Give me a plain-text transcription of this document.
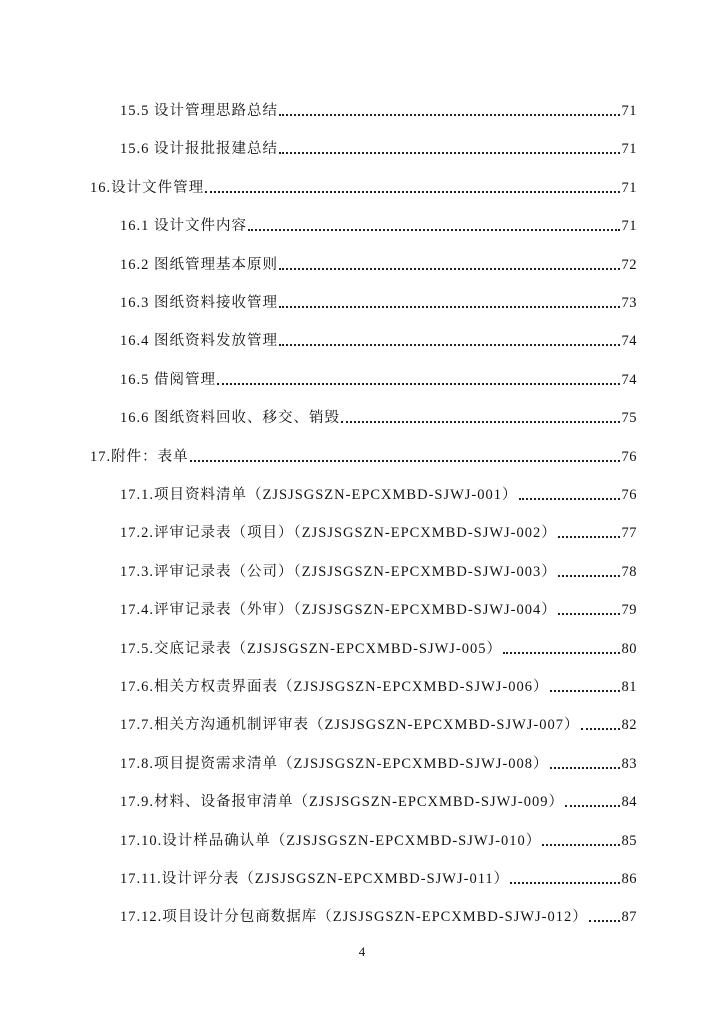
15.5 设计管理思路总结	71
15.6 设计报批报建总结	71
16.设计文件管理	71
16.1 设计文件内容	71
16.2 图纸管理基本原则	72
16.3 图纸资料接收管理	73
16.4 图纸资料发放管理	74
16.5 借阅管理	74
16.6 图纸资料回收、移交、销毁	75
17.附件：表单	76
17.1.项目资料清单（ZJSJSGSZN-EPCXMBD-SJWJ-001）	76
17.2.评审记录表（项目）（ZJSJSGSZN-EPCXMBD-SJWJ-002）	77
17.3.评审记录表（公司）（ZJSJSGSZN-EPCXMBD-SJWJ-003）	78
17.4.评审记录表（外审）（ZJSJSGSZN-EPCXMBD-SJWJ-004）	79
17.5.交底记录表（ZJSJSGSZN-EPCXMBD-SJWJ-005）	80
17.6.相关方权责界面表（ZJSJSGSZN-EPCXMBD-SJWJ-006）	81
17.7.相关方沟通机制评审表（ZJSJSGSZN-EPCXMBD-SJWJ-007）	82
17.8.项目提资需求清单（ZJSJSGSZN-EPCXMBD-SJWJ-008）	83
17.9.材料、设备报审清单（ZJSJSGSZN-EPCXMBD-SJWJ-009）	84
17.10.设计样品确认单（ZJSJSGSZN-EPCXMBD-SJWJ-010）	85
17.11.设计评分表（ZJSJSGSZN-EPCXMBD-SJWJ-011）	86
17.12.项目设计分包商数据库（ZJSJSGSZN-EPCXMBD-SJWJ-012） 87
4
